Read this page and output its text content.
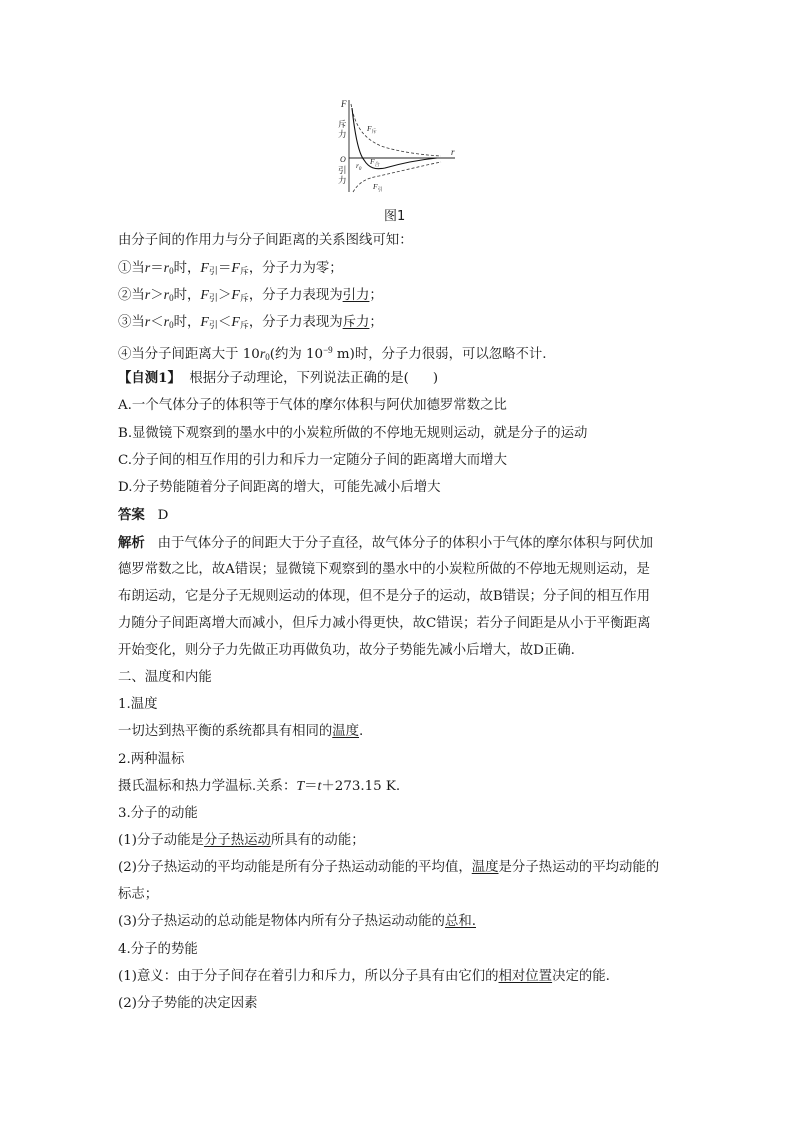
F
r
O
斥
力
引
力
$r_0$
$F_斥$
$F_合$
$F_引$
图1
由分子间的作用力与分子间距离的关系图线可知：
①当$r=r_0$时，$F_引=F_斥$，分子力为零；
②当$r>r_0$时，$F_引>F_斥$，分子力表现为引力；
③当$r<r_0$时，$F_引<F_斥$，分子力表现为斥力；
④当分子间距离大于 $10r_0$(约为 $10^{-9}$ m)时，分子力很弱，可以忽略不计.
【自测1】 根据分子动理论，下列说法正确的是( )
A.一个气体分子的体积等于气体的摩尔体积与阿伏加德罗常数之比
B.显微镜下观察到的墨水中的小炭粒所做的不停地无规则运动，就是分子的运动
C.分子间的相互作用的引力和斥力一定随分子间的距离增大而增大
D.分子势能随着分子间距离的增大，可能先减小后增大
答案 D
解析 由于气体分子的间距大于分子直径，故气体分子的体积小于气体的摩尔体积与阿伏加
德罗常数之比，故A错误；显微镜下观察到的墨水中的小炭粒所做的不停地无规则运动，是
布朗运动，它是分子无规则运动的体现，但不是分子的运动，故B错误；分子间的相互作用
力随分子间距离增大而减小，但斥力减小得更快，故C错误；若分子间距是从小于平衡距离
开始变化，则分子力先做正功再做负功，故分子势能先减小后增大，故D正确.
二、温度和内能
1.温度
一切达到热平衡的系统都具有相同的温度.
2.两种温标
摄氏温标和热力学温标.关系：T＝t＋273.15 K.
3.分子的动能
(1)分子动能是分子热运动所具有的动能；
(2)分子热运动的平均动能是所有分子热运动动能的平均值，温度是分子热运动的平均动能的
标志；
(3)分子热运动的总动能是物体内所有分子热运动动能的总和.
4.分子的势能
(1)意义：由于分子间存在着引力和斥力，所以分子具有由它们的相对位置决定的能.
(2)分子势能的决定因素
